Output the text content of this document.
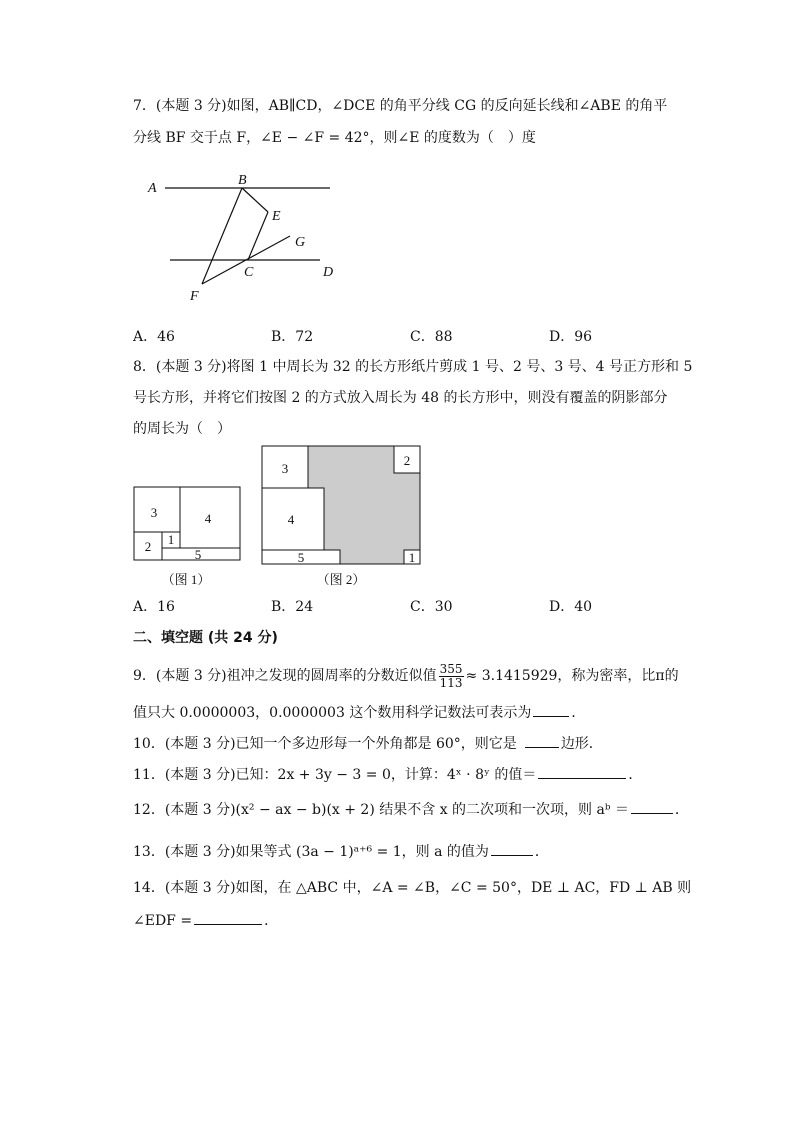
7．(本题 3 分)如图，AB∥CD，∠DCE 的角平分线 CG 的反向延长线和∠ABE 的角平
分线 BF 交于点 F，∠E − ∠F = 42°，则∠E 的度数为（　）度
A
B
E
G
C	D
F
A．46	B．72	C．88	D．96
8．(本题 3 分)将图 1 中周长为 32 的长方形纸片剪成 1 号、2 号、3 号、4 号正方形和 5
号长方形，并将它们按图 2 的方式放入周长为 48 的长方形中，则没有覆盖的阴影部分
的周长为（　）
3	4
2 1
5
（图 1）
3
2
4
5	1
（图 2）
A．16	B．24	C．30	D．40
二、填空题 (共 24 分)
9．(本题 3 分)祖冲之发现的圆周率的分数近似值 $\frac{355}{113} \approx 3.1415929$，称为密率，比π的
值只大 0.0000003，0.0000003 这个数用科学记数法可表示为	．
10．(本题 3 分)已知一个多边形每一个外角都是 60°，则它是	边形．
11．(本题 3 分)已知：2x + 3y − 3 = 0，计算：4ˣ · 8ʸ 的值＝	．
12．(本题 3 分)(x² − ax − b)(x + 2) 结果不含 x 的二次项和一次项，则 aᵇ ＝	．
13．(本题 3 分)如果等式 (3a − 1)ᵃ⁺⁶ = 1，则 a 的值为	．
14．(本题 3 分)如图，在 △ABC 中，∠A = ∠B，∠C = 50°，DE ⊥ AC，FD ⊥ AB 则
∠EDF =	．
